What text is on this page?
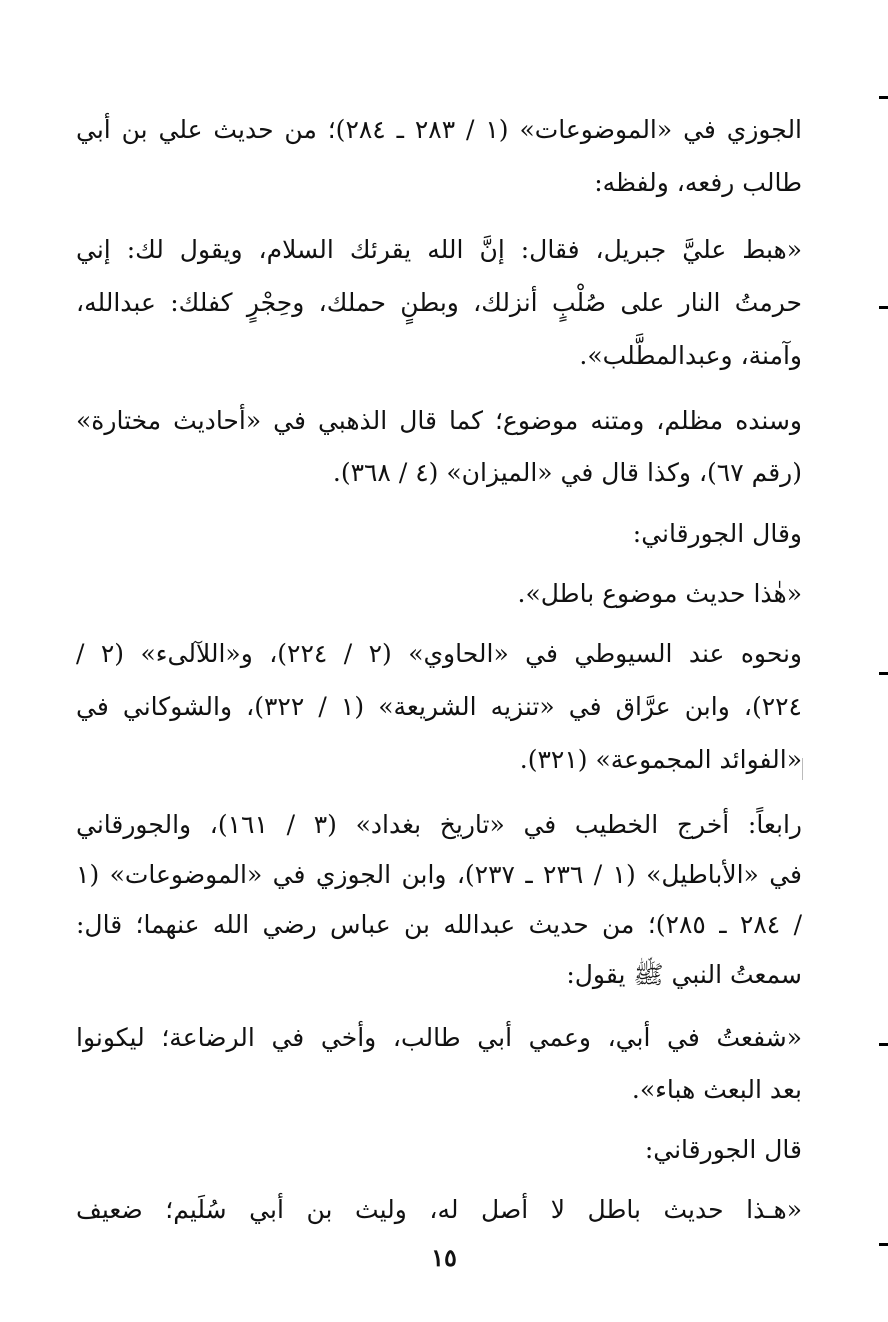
الجوزي في «الموضوعات» (١ / ٢٨٣ ـ ٢٨٤)؛ من حديث علي بن أبي
طالب رفعه، ولفظه:
«هبط عليَّ جبريل، فقال: إنَّ الله يقرئك السلام، ويقول لك: إني
حرمتُ النار على صُلْبٍ أنزلك، وبطنٍ حملك، وحِجْرٍ كفلك: عبدالله،
وآمنة، وعبدالمطَّلب».
وسنده مظلم، ومتنه موضوع؛ كما قال الذهبي في «أحاديث مختارة»
(رقم ٦٧)، وكذا قال في «الميزان» (٤ / ٣٦٨).
وقال الجورقاني:
«هٰذا حديث موضوع باطل».
ونحوه عند السيوطي في «الحاوي» (٢ / ٢٢٤)، و«اللآلىء» (٢ /
٢٢٤)، وابن عرَّاق في «تنزيه الشريعة» (١ / ٣٢٢)، والشوكاني في
«الفوائد المجموعة» (٣٢١).
رابعاً: أخرج الخطيب في «تاريخ بغداد» (٣ / ١٦١)، والجورقاني
في «الأباطيل» (١ / ٢٣٦ ـ ٢٣٧)، وابن الجوزي في «الموضوعات» (١
/ ٢٨٤ ـ ٢٨٥)؛ من حديث عبدالله بن عباس رضي الله عنهما؛ قال:
سمعتُ النبي ﷺ يقول:
«شفعتُ في أبي، وعمي أبي طالب، وأخي في الرضاعة؛ ليكونوا
بعد البعث هباء».
قال الجورقاني:
«هـذا حديث باطل لا أصل له، وليث بن أبي سُلَيم؛ ضعيف
١٥
